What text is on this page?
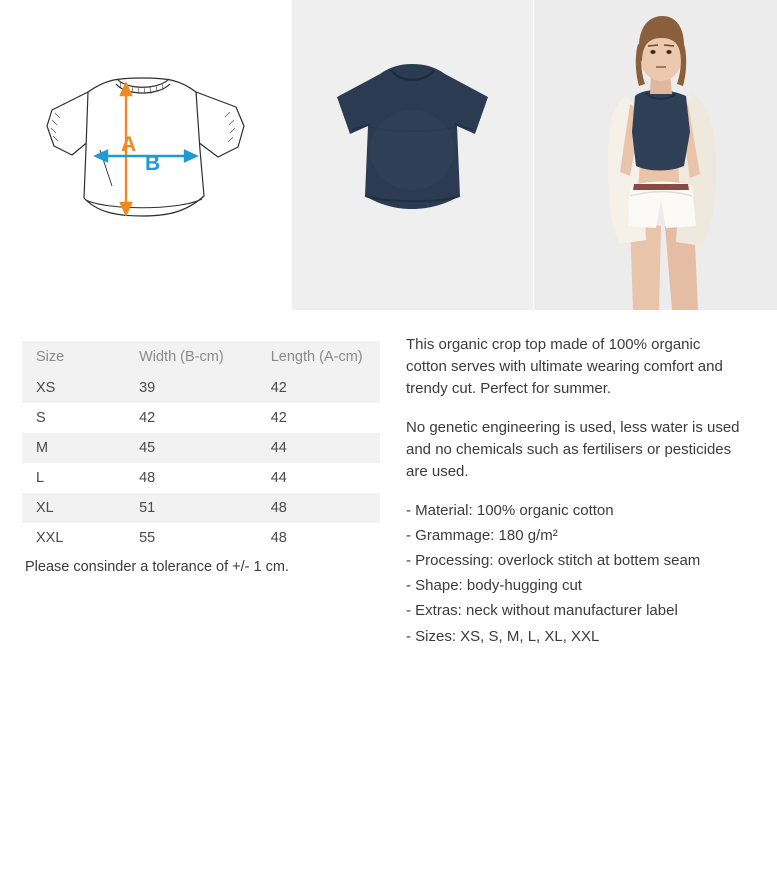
A
B
Size	Width (B-cm)	Length (A-cm)
XS	39	42
S	42	42
M	45	44
L	48	44
XL	51	48
XXL	55	48
Please consinder a tolerance of +/- 1 cm.

This organic crop top made of 100% organic cotton serves with ultimate wearing comfort and trendy cut. Perfect for summer.

No genetic engineering is used, less water is used and no chemicals such as fertilisers or pesticides are used.

- Material: 100% organic cotton
- Grammage: 180 g/m²
- Processing: overlock stitch at bottem seam
- Shape: body-hugging cut
- Extras: neck without manufacturer label
- Sizes: XS, S, M, L, XL, XXL
